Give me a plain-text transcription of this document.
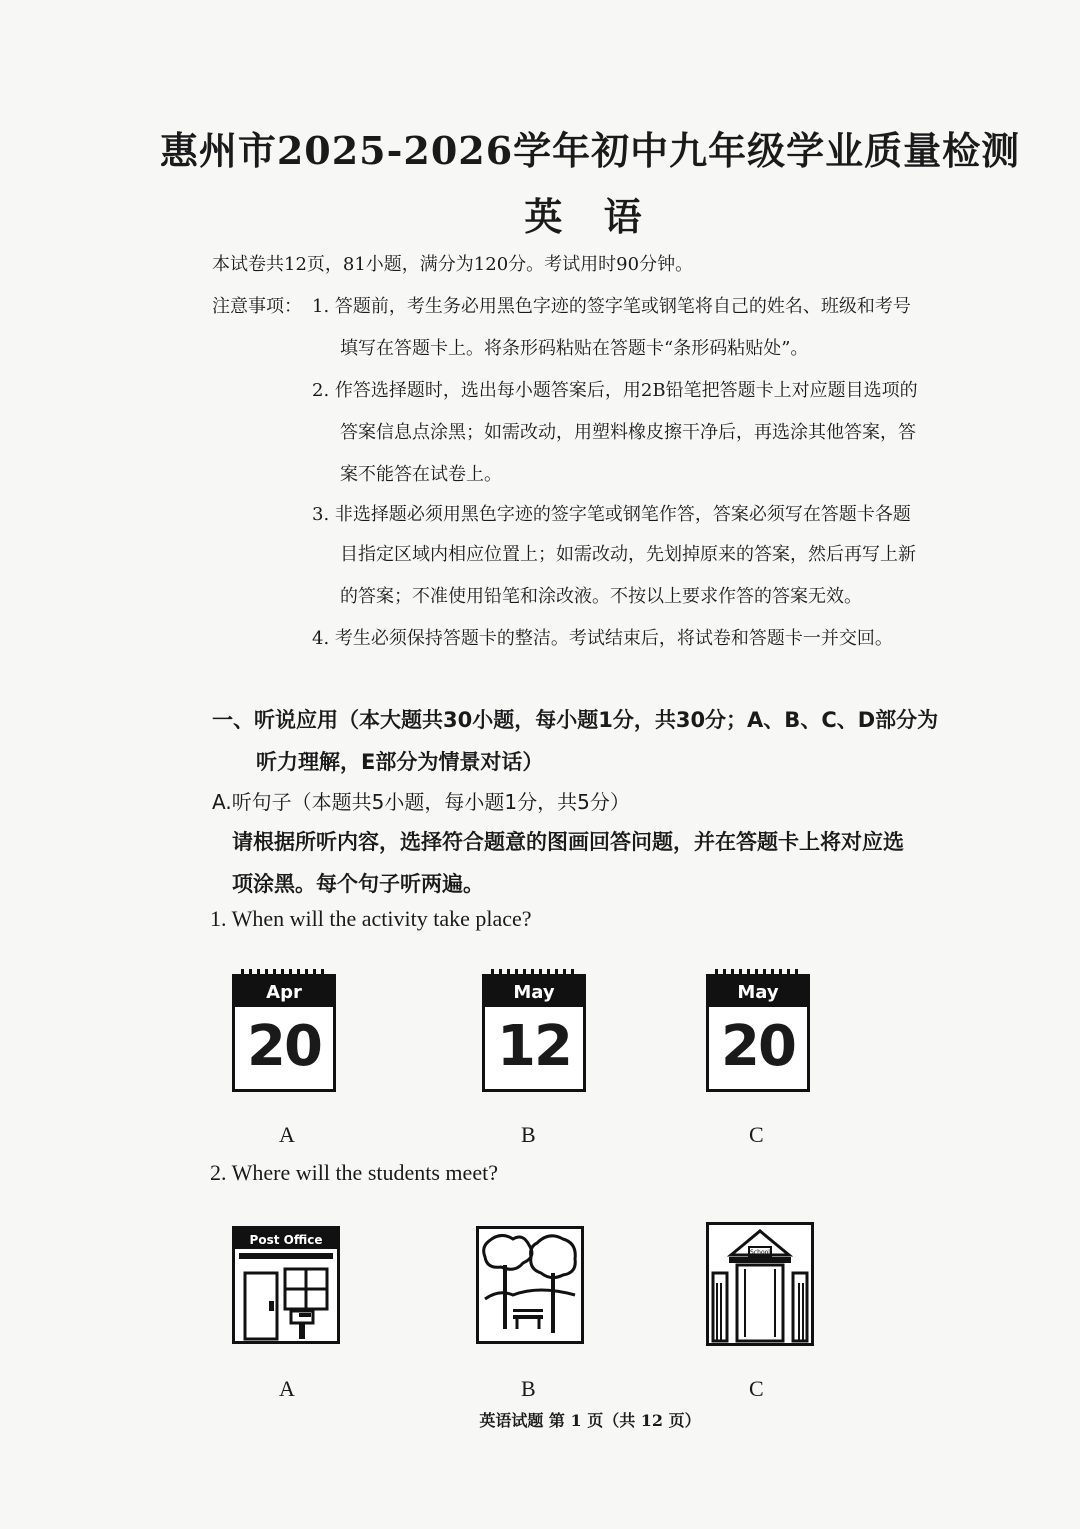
惠州市2025-2026学年初中九年级学业质量检测
英 语
本试卷共12页，81小题，满分为120分。考试用时90分钟。
注意事项： 1. 答题前，考生务必用黑色字迹的签字笔或钢笔将自己的姓名、班级和考号
填写在答题卡上。将条形码粘贴在答题卡“条形码粘贴处”。
2. 作答选择题时，选出每小题答案后，用2B铅笔把答题卡上对应题目选项的
答案信息点涂黑；如需改动，用塑料橡皮擦干净后，再选涂其他答案，答
案不能答在试卷上。
3. 非选择题必须用黑色字迹的签字笔或钢笔作答，答案必须写在答题卡各题
目指定区域内相应位置上；如需改动，先划掉原来的答案，然后再写上新
的答案；不准使用铅笔和涂改液。不按以上要求作答的答案无效。
4. 考生必须保持答题卡的整洁。考试结束后，将试卷和答题卡一并交回。
一、听说应用（本大题共30小题，每小题1分，共30分；A、B、C、D部分为
听力理解，E部分为情景对话）
A.听句子（本题共5小题，每小题1分，共5分）
请根据所听内容，选择符合题意的图画回答问题，并在答题卡上将对应选
项涂黑。每个句子听两遍。
1. When will the activity take place?
Apr
20
May
12
May
20
A	B	C
2. Where will the students meet?
Post Office
School
A	B	C
英语试题 第 1 页（共 12 页）
